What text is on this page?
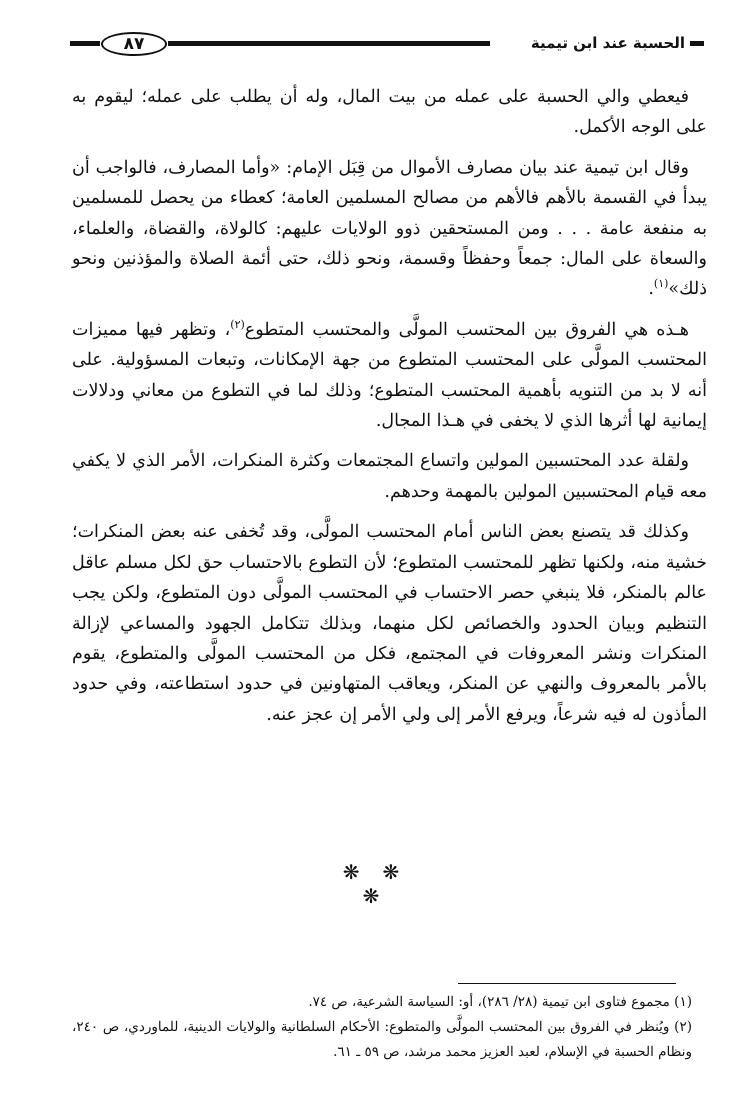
الحسبة عند ابن تيمية
٨٧

فيعطي والي الحسبة على عمله من بيت المال، وله أن يطلب على عمله؛ ليقوم به على الوجه الأكمل.

وقال ابن تيمية عند بيان مصارف الأموال من قِبَل الإمام: «وأما المصارف، فالواجب أن يبدأ في القسمة بالأهم فالأهم من مصالح المسلمين العامة؛ كعطاء من يحصل للمسلمين به منفعة عامة . . . ومن المستحقين ذوو الولايات عليهم: كالولاة، والقضاة، والعلماء، والسعاة على المال: جمعاً وحفظاً وقسمة، ونحو ذلك، حتى أئمة الصلاة والمؤذنين ونحو ذلك»$^{(١)}$.

هـذه هي الفروق بين المحتسب المولَّى والمحتسب المتطوع$^{(٢)}$، وتظهر فيها مميزات المحتسب المولَّى على المحتسب المتطوع من جهة الإمكانات، وتبعات المسؤولية. على أنه لا بد من التنويه بأهمية المحتسب المتطوع؛ وذلك لما في التطوع من معاني ودلالات إيمانية لها أثرها الذي لا يخفى في هـذا المجال.

ولقلة عدد المحتسبين المولين واتساع المجتمعات وكثرة المنكرات، الأمر الذي لا يكفي معه قيام المحتسبين المولين بالمهمة وحدهم.

وكذلك قد يتصنع بعض الناس أمام المحتسب المولَّى، وقد تُخفى عنه بعض المنكرات؛ خشية منه، ولكنها تظهر للمحتسب المتطوع؛ لأن التطوع بالاحتساب حق لكل مسلم عاقل عالم بالمنكر، فلا ينبغي حصر الاحتساب في المحتسب المولَّى دون المتطوع، ولكن يجب التنظيم وبيان الحدود والخصائص لكل منهما، وبذلك تتكامل الجهود والمساعي لإزالة المنكرات ونشر المعروفات في المجتمع، فكل من المحتسب المولَّى والمتطوع، يقوم بالأمر بالمعروف والنهي عن المنكر، ويعاقب المتهاونين في حدود استطاعته، وفي حدود المأذون له فيه شرعاً، ويرفع الأمر إلى ولي الأمر إن عجز عنه.

❋ ❋ ❋

(١) مجموع فتاوى ابن تيمية (٢٨/ ٢٨٦)، أو: السياسة الشرعية، ص ٧٤.

(٢) ويُنظر في الفروق بين المحتسب المولَّى والمتطوع: الأحكام السلطانية والولايات الدينية، للماوردي، ص ٢٤٠، ونظام الحسبة في الإسلام، لعبد العزيز محمد مرشد، ص ٥٩ ـ ٦١.
